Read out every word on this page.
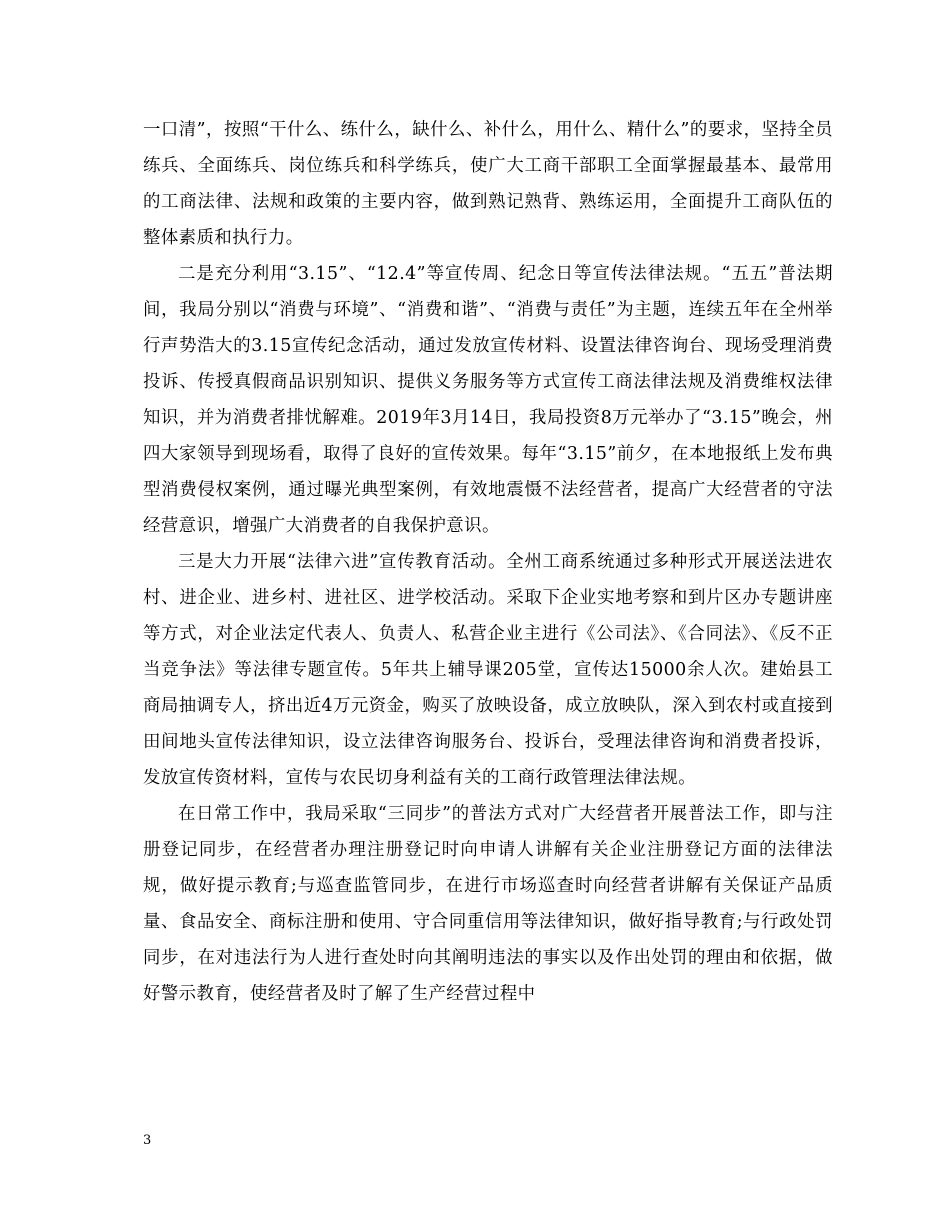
一口清”，按照“干什么、练什么，缺什么、补什么，用什么、精什么”的要求，坚持全员练兵、全面练兵、岗位练兵和科学练兵，使广大工商干部职工全面掌握最基本、最常用的工商法律、法规和政策的主要内容，做到熟记熟背、熟练运用，全面提升工商队伍的整体素质和执行力。

二是充分利用“3.15”、“12.4”等宣传周、纪念日等宣传法律法规。“五五”普法期间，我局分别以“消费与环境”、“消费和谐”、“消费与责任”为主题，连续五年在全州举行声势浩大的3.15宣传纪念活动，通过发放宣传材料、设置法律咨询台、现场受理消费投诉、传授真假商品识别知识、提供义务服务等方式宣传工商法律法规及消费维权法律知识，并为消费者排忧解难。2019年3月14日，我局投资8万元举办了“3.15”晚会，州四大家领导到现场看，取得了良好的宣传效果。每年“3.15”前夕，在本地报纸上发布典型消费侵权案例，通过曝光典型案例，有效地震慑不法经营者，提高广大经营者的守法经营意识，增强广大消费者的自我保护意识。

三是大力开展“法律六进”宣传教育活动。全州工商系统通过多种形式开展送法进农村、进企业、进乡村、进社区、进学校活动。采取下企业实地考察和到片区办专题讲座等方式，对企业法定代表人、负责人、私营企业主进行《公司法》、《合同法》、《反不正当竞争法》等法律专题宣传。5年共上辅导课205堂，宣传达15000余人次。建始县工商局抽调专人，挤出近4万元资金，购买了放映设备，成立放映队，深入到农村或直接到田间地头宣传法律知识，设立法律咨询服务台、投诉台，受理法律咨询和消费者投诉，发放宣传资材料，宣传与农民切身利益有关的工商行政管理法律法规。

在日常工作中，我局采取“三同步”的普法方式对广大经营者开展普法工作，即与注册登记同步，在经营者办理注册登记时向申请人讲解有关企业注册登记方面的法律法规，做好提示教育;与巡查监管同步，在进行市场巡查时向经营者讲解有关保证产品质量、食品安全、商标注册和使用、守合同重信用等法律知识，做好指导教育;与行政处罚同步，在对违法行为人进行查处时向其阐明违法的事实以及作出处罚的理由和依据，做好警示教育，使经营者及时了解了生产经营过程中

3
